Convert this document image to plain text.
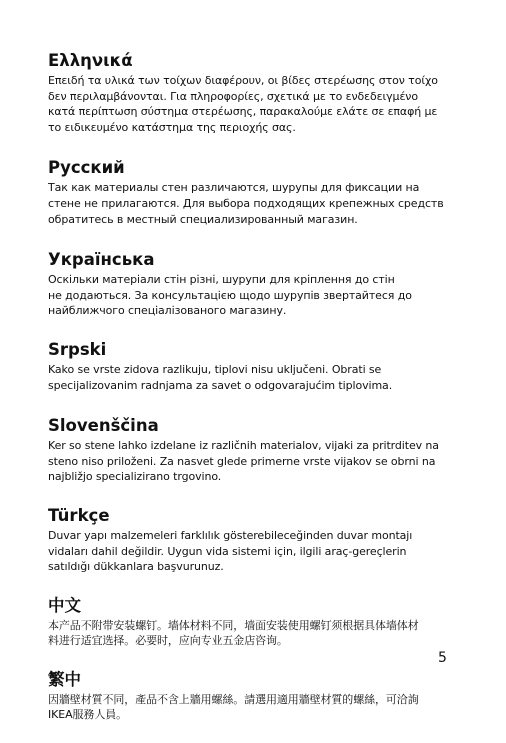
Ελληνικά

Επειδή τα υλικά των τοίχων διαφέρουν, οι βίδες στερέωσης στον τοίχο
δεν περιλαμβάνονται. Για πληροφορίες, σχετικά με το ενδεδειγμένο
κατά περίπτωση σύστημα στερέωσης, παρακαλούμε ελάτε σε επαφή με
το ειδικευμένο κατάστημα της περιοχής σας.

Русский

Так как материалы стен различаются, шурупы для фиксации на
стене не прилагаются. Для выбора подходящих крепежных средств
обратитесь в местный специализированный магазин.

Українська

Оскільки матеріали стін різні, шурупи для кріплення до стін
не додаються. За консультацією щодо шурупів звертайтеся до
найближчого спеціалізованого магазину.

Srpski

Kako se vrste zidova razlikuju, tiplovi nisu uključeni. Obrati se
specijalizovanim radnjama za savet o odgovarajućim tiplovima.

Slovenščina

Ker so stene lahko izdelane iz različnih materialov, vijaki za pritrditev na
steno niso priloženi. Za nasvet glede primerne vrste vijakov se obrni na
najbližjo specializirano trgovino.

Türkçe

Duvar yapı malzemeleri farklılık gösterebileceğinden duvar montajı
vidaları dahil değildir. Uygun vida sistemi için, ilgili araç-gereçlerin
satıldığı dükkanlara başvurunuz.

中文

本产品不附带安装螺钉。墙体材料不同，墙面安装使用螺钉须根据具体墙体材
料进行适宜选择。必要时，应向专业五金店咨询。

繁中

因牆壁材質不同，產品不含上牆用螺絲。請選用適用牆壁材質的螺絲，可洽詢
IKEA服務人員。

5
